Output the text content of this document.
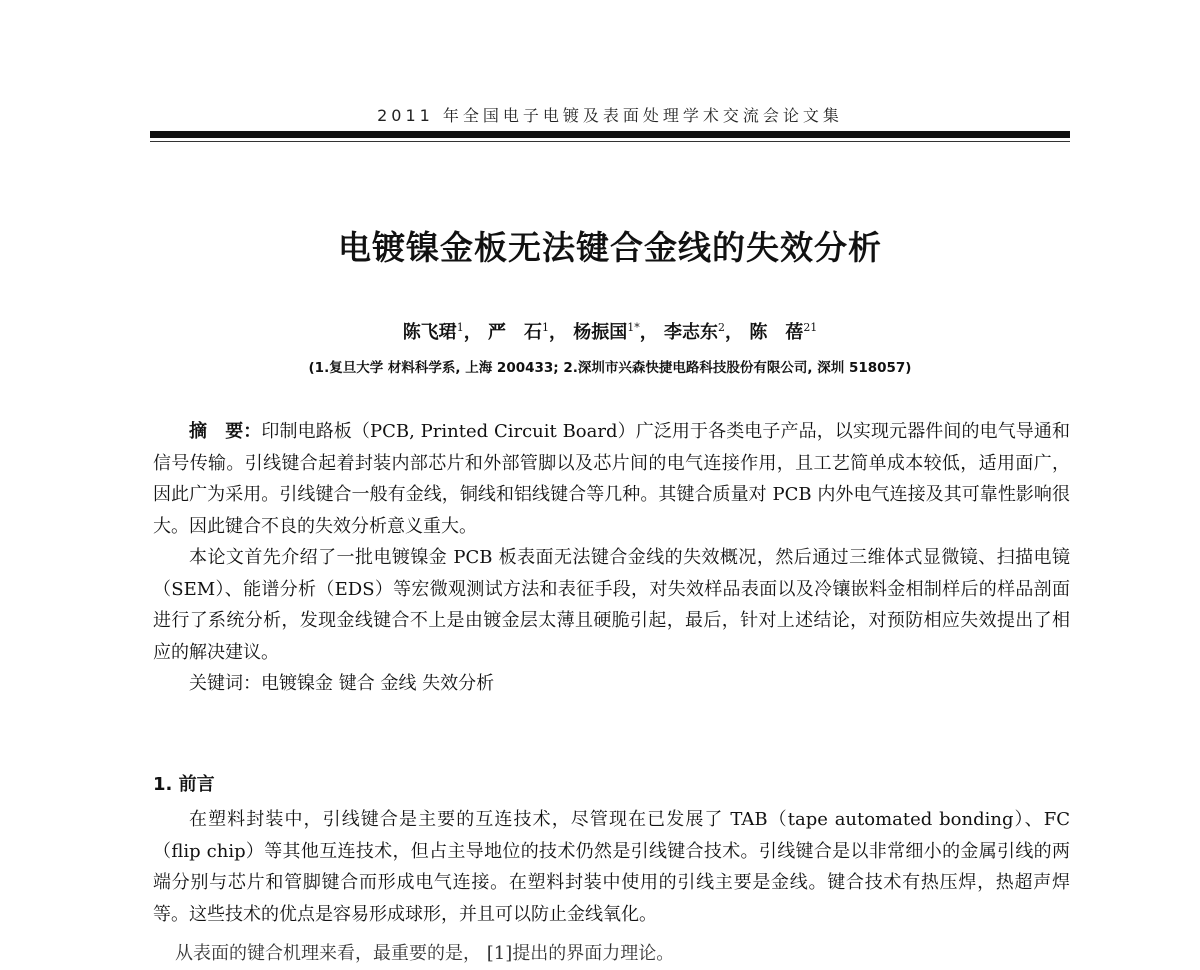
2011 年全国电子电镀及表面处理学术交流会论文集
电镀镍金板无法键合金线的失效分析
陈飞珺$^1$， 严　石$^1$， 杨振国$^{1*}$， 李志东$^2$， 陈　蓓$^{21}$
(1.复旦大学 材料科学系, 上海 200433; 2.深圳市兴森快捷电路科技股份有限公司, 深圳 518057)

摘　要：印制电路板（PCB, Printed Circuit Board）广泛用于各类电子产品，以实现元器件间的电气导通和信号传输。引线键合起着封装内部芯片和外部管脚以及芯片间的电气连接作用，且工艺简单成本较低，适用面广，因此广为采用。引线键合一般有金线，铜线和铝线键合等几种。其键合质量对 PCB 内外电气连接及其可靠性影响很大。因此键合不良的失效分析意义重大。

本论文首先介绍了一批电镀镍金 PCB 板表面无法键合金线的失效概况，然后通过三维体式显微镜、扫描电镜（SEM）、能谱分析（EDS）等宏微观测试方法和表征手段，对失效样品表面以及冷镶嵌料金相制样后的样品剖面进行了系统分析，发现金线键合不上是由镀金层太薄且硬脆引起，最后，针对上述结论，对预防相应失效提出了相应的解决建议。

关键词：电镀镍金 键合 金线 失效分析

1. 前言

在塑料封装中，引线键合是主要的互连技术，尽管现在已发展了 TAB（tape automated bonding）、FC（flip chip）等其他互连技术，但占主导地位的技术仍然是引线键合技术。引线键合是以非常细小的金属引线的两端分别与芯片和管脚键合而形成电气连接。在塑料封装中使用的引线主要是金线。键合技术有热压焊，热超声焊等。这些技术的优点是容易形成球形，并且可以防止金线氧化。

从表面的键合机理来看，最重要的是， [1]提出的界面力理论。
